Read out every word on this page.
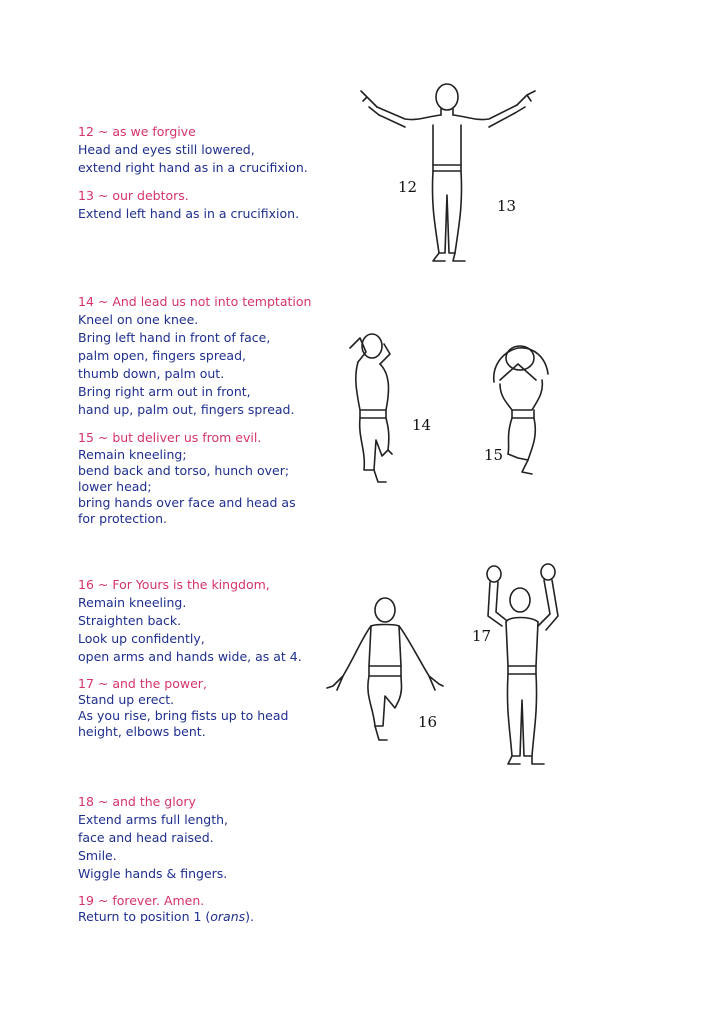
12 ~ as we forgive
Head and eyes still lowered,
extend right hand as in a crucifixion.
13 ~ our debtors.
Extend left hand as in a crucifixion.
14 ~ And lead us not into temptation
Kneel on one knee.
Bring left hand in front of face,
palm open, fingers spread,
thumb down, palm out.
Bring right arm out in front,
hand up, palm out, fingers spread.
15 ~ but deliver us from evil.
Remain kneeling;
bend back and torso, hunch over;
lower head;
bring hands over face and head as
for protection.
16 ~ For Yours is the kingdom,
Remain kneeling.
Straighten back.
Look up confidently,
open arms and hands wide, as at 4.
17 ~ and the power,
Stand up erect.
As you rise, bring fists up to head
height, elbows bent.
18 ~ and the glory
Extend arms full length,
face and head raised.
Smile.
Wiggle hands & fingers.
19 ~ forever. Amen.
Return to position 1 (orans).
12
13
14
15
16
17
